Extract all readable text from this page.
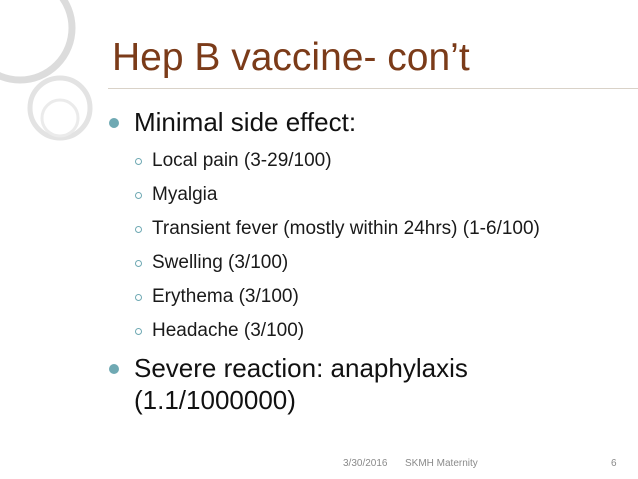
Hep B vaccine- con’t
Minimal side effect:
Local pain (3-29/100)
Myalgia
Transient fever (mostly within 24hrs) (1-6/100)
Swelling (3/100)
Erythema (3/100)
Headache (3/100)
Severe reaction: anaphylaxis (1.1/1000000)
3/30/2016 SKMH Maternity	6
